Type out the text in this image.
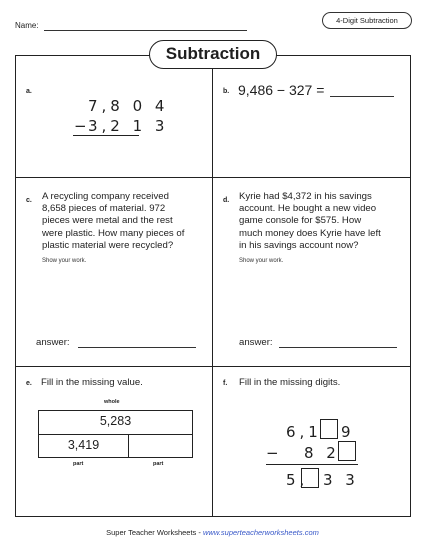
Name:
4-Digit Subtraction
Subtraction
a.
7,8 0 4
−
3,2 1 3
b. 9,486 − 327 =
c. A recycling company received
8,658 pieces of material. 972
pieces were metal and the rest
were plastic. How many pieces of
plastic material were recycled?
Show your work.
answer:
d. Kyrie had $4,372 in his savings
account. He bought a new video
game console for $575. How
much money does Kyrie have left
in his savings account now?
Show your work.
answer:
e. Fill in the missing value.
whole
5,283
3,419
part	part
f. Fill in the missing digits.
6,1 9
− 8 2
5, 3 3
Super Teacher Worksheets - www.superteacherworksheets.com
